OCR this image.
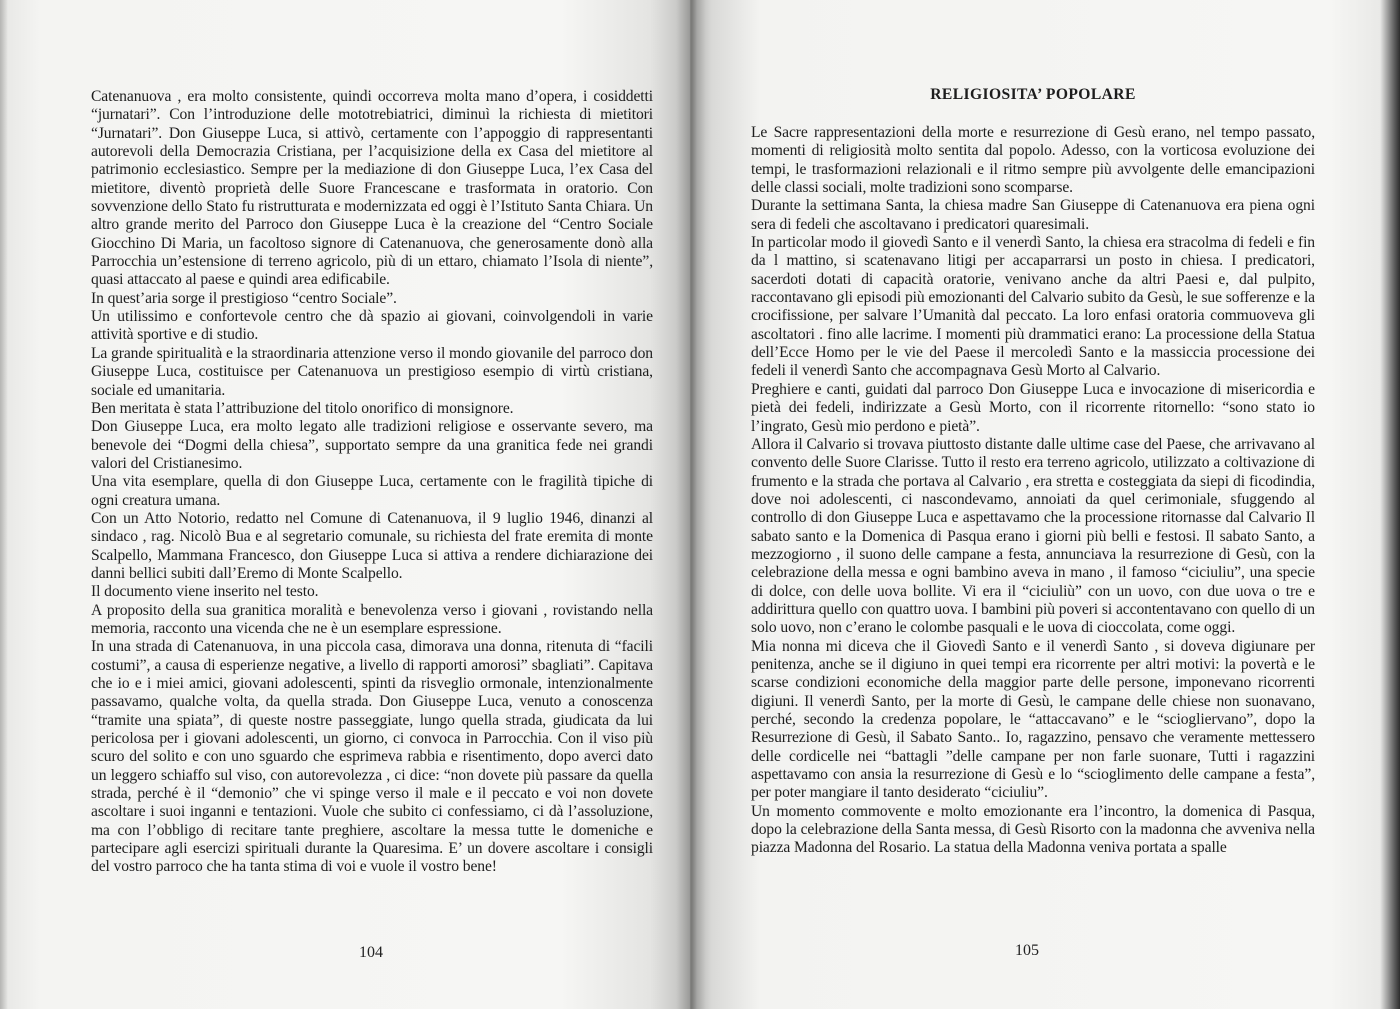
Catenanuova , era molto consistente, quindi occorreva molta mano d’opera, i cosiddetti “jurnatari”. Con l’introduzione delle mototrebiatrici, diminuì la richiesta di mietitori “Jurnatari”. Don Giuseppe Luca, si attivò, certamente con l’appoggio di rappresentanti autorevoli della Democrazia Cristiana, per l’acquisizione della ex Casa del mietitore al patrimonio ecclesiastico. Sempre per la mediazione di don Giuseppe Luca, l’ex Casa del mietitore, diventò proprietà delle Suore Francescane e trasformata in oratorio. Con sovvenzione dello Stato fu ristrutturata e modernizzata ed oggi è l’Istituto Santa Chiara. Un altro grande merito del Parroco don Giuseppe Luca è la creazione del “Centro Sociale Giocchino Di Maria, un facoltoso signore di Catenanuova, che generosamente donò alla Parrocchia un’estensione di terreno agricolo, più di un ettaro, chiamato l’Isola di niente”, quasi attaccato al paese e quindi area edificabile.

In quest’aria sorge il prestigioso “centro Sociale”.

Un utilissimo e confortevole centro che dà spazio ai giovani, coinvolgendoli in varie attività sportive e di studio.

La grande spiritualità e la straordinaria attenzione verso il mondo giovanile del parroco don Giuseppe Luca, costituisce per Catenanuova un prestigioso esempio di virtù cristiana, sociale ed umanitaria.

Ben meritata è stata l’attribuzione del titolo onorifico di monsignore.

Don Giuseppe Luca, era molto legato alle tradizioni religiose e osservante severo, ma benevole dei “Dogmi della chiesa”, supportato sempre da una granitica fede nei grandi valori del Cristianesimo.

Una vita esemplare, quella di don Giuseppe Luca, certamente con le fragilità tipiche di ogni creatura umana.

Con un Atto Notorio, redatto nel Comune di Catenanuova, il 9 luglio 1946, dinanzi al sindaco , rag. Nicolò Bua e al segretario comunale, su richiesta del frate eremita di monte Scalpello, Mammana Francesco, don Giuseppe Luca si attiva a rendere dichiarazione dei danni bellici subiti dall’Eremo di Monte Scalpello.

Il documento viene inserito nel testo.

A proposito della sua granitica moralità e benevolenza verso i giovani , rovistando nella memoria, racconto una vicenda che ne è un esemplare espressione.

In una strada di Catenanuova, in una piccola casa, dimorava una donna, ritenuta di “facili costumi”, a causa di esperienze negative, a livello di rapporti amorosi” sbagliati”. Capitava che io e i miei amici, giovani adolescenti, spinti da risveglio ormonale, intenzionalmente passavamo, qualche volta, da quella strada. Don Giuseppe Luca, venuto a conoscenza “tramite una spiata”, di queste nostre passeggiate, lungo quella strada, giudicata da lui pericolosa per i giovani adolescenti, un giorno, ci convoca in Parrocchia. Con il viso più scuro del solito e con uno sguardo che esprimeva rabbia e risentimento, dopo averci dato un leggero schiaffo sul viso, con autorevolezza , ci dice: “non dovete più passare da quella strada, perché è il “demonio” che vi spinge verso il male e il peccato e voi non dovete ascoltare i suoi inganni e tentazioni. Vuole che subito ci confessiamo, ci dà l’assoluzione, ma con l’obbligo di recitare tante preghiere, ascoltare la messa tutte le domeniche e partecipare agli esercizi spirituali durante la Quaresima. E’ un dovere ascoltare i consigli del vostro parroco che ha tanta stima di voi e vuole il vostro bene!

104
RELIGIOSITA’ POPOLARE

Le Sacre rappresentazioni della morte e resurrezione di Gesù erano, nel tempo passato, momenti di religiosità molto sentita dal popolo. Adesso, con la vorticosa evoluzione dei tempi, le trasformazioni relazionali e il ritmo sempre più avvolgente delle emancipazioni delle classi sociali, molte tradizioni sono scomparse.

Durante la settimana Santa, la chiesa madre San Giuseppe di Catenanuova era piena ogni sera di fedeli che ascoltavano i predicatori quaresimali.

In particolar modo il giovedì Santo e il venerdì Santo, la chiesa era stracolma di fedeli e fin da l mattino, si scatenavano litigi per accaparrarsi un posto in chiesa. I predicatori, sacerdoti dotati di capacità oratorie, venivano anche da altri Paesi e, dal pulpito, raccontavano gli episodi più emozionanti del Calvario subito da Gesù, le sue sofferenze e la crocifissione, per salvare l’Umanità dal peccato. La loro enfasi oratoria commuoveva gli ascoltatori . fino alle lacrime. I momenti più drammatici erano: La processione della Statua dell’Ecce Homo per le vie del Paese il mercoledì Santo e la massiccia processione dei fedeli il venerdì Santo che accompagnava Gesù Morto al Calvario.

Preghiere e canti, guidati dal parroco Don Giuseppe Luca e invocazione di misericordia e pietà dei fedeli, indirizzate a Gesù Morto, con il ricorrente ritornello: “sono stato io l’ingrato, Gesù mio perdono e pietà”.

Allora il Calvario si trovava piuttosto distante dalle ultime case del Paese, che arrivavano al convento delle Suore Clarisse. Tutto il resto era terreno agricolo, utilizzato a coltivazione di frumento e la strada che portava al Calvario , era stretta e costeggiata da siepi di ficodindia, dove noi adolescenti, ci nascondevamo, annoiati da quel cerimoniale, sfuggendo al controllo di don Giuseppe Luca e aspettavamo che la processione ritornasse dal Calvario Il sabato santo e la Domenica di Pasqua erano i giorni più belli e festosi. Il sabato Santo, a mezzogiorno , il suono delle campane a festa, annunciava la resurrezione di Gesù, con la celebrazione della messa e ogni bambino aveva in mano , il famoso “ciciuliu”, una specie di dolce, con delle uova bollite. Vi era il “ciciuliù” con un uovo, con due uova o tre e addirittura quello con quattro uova. I bambini più poveri si accontentavano con quello di un solo uovo, non c’erano le colombe pasquali e le uova di cioccolata, come oggi.

Mia nonna mi diceva che il Giovedì Santo e il venerdì Santo , si doveva digiunare per penitenza, anche se il digiuno in quei tempi era ricorrente per altri motivi: la povertà e le scarse condizioni economiche della maggior parte delle persone, imponevano ricorrenti digiuni. Il venerdì Santo, per la morte di Gesù, le campane delle chiese non suonavano, perché, secondo la credenza popolare, le “attaccavano” e le “sciogliervano”, dopo la Resurrezione di Gesù, il Sabato Santo.. Io, ragazzino, pensavo che veramente mettessero delle cordicelle nei “battagli ”delle campane per non farle suonare, Tutti i ragazzini aspettavamo con ansia la resurrezione di Gesù e lo “scioglimento delle campane a festa”, per poter mangiare il tanto desiderato “ciciuliu”.

Un momento commovente e molto emozionante era l’incontro, la domenica di Pasqua, dopo la celebrazione della Santa messa, di Gesù Risorto con la madonna che avveniva nella piazza Madonna del Rosario. La statua della Madonna veniva portata a spalle

105
